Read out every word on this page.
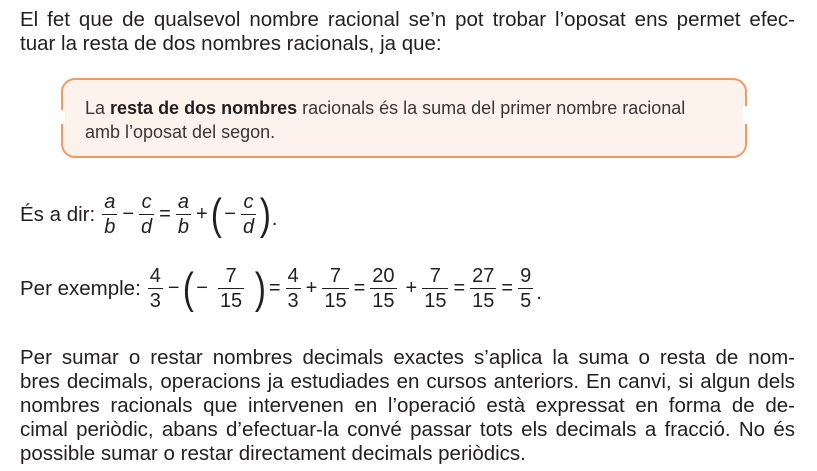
El fet que de qualsevol nombre racional se’n pot trobar l’oposat ens permet efec-
tuar la resta de dos nombres racionals, ja que:
La resta de dos nombres racionals és la suma del primer nombre racional
amb l’oposat del segon.
És a dir: $\frac{a}{b} - \frac{c}{d} = \frac{a}{b}$ + ( − $\frac{c}{d}$ ) .
Per exemple: $\frac{4}{3}$ − ( − $\frac{7}{15}$ ) = $\frac{4}{3} + \frac{7}{15} = \frac{20}{15} + \frac{7}{15} = \frac{27}{15} = \frac{9}{5}$ .
Per sumar o restar nombres decimals exactes s’aplica la suma o resta de nom-
bres decimals, operacions ja estudiades en cursos anteriors. En canvi, si algun dels
nombres racionals que intervenen en l’operació està expressat en forma de de-
cimal periòdic, abans d’efectuar-la convé passar tots els decimals a fracció. No és
possible sumar o restar directament decimals periòdics.
